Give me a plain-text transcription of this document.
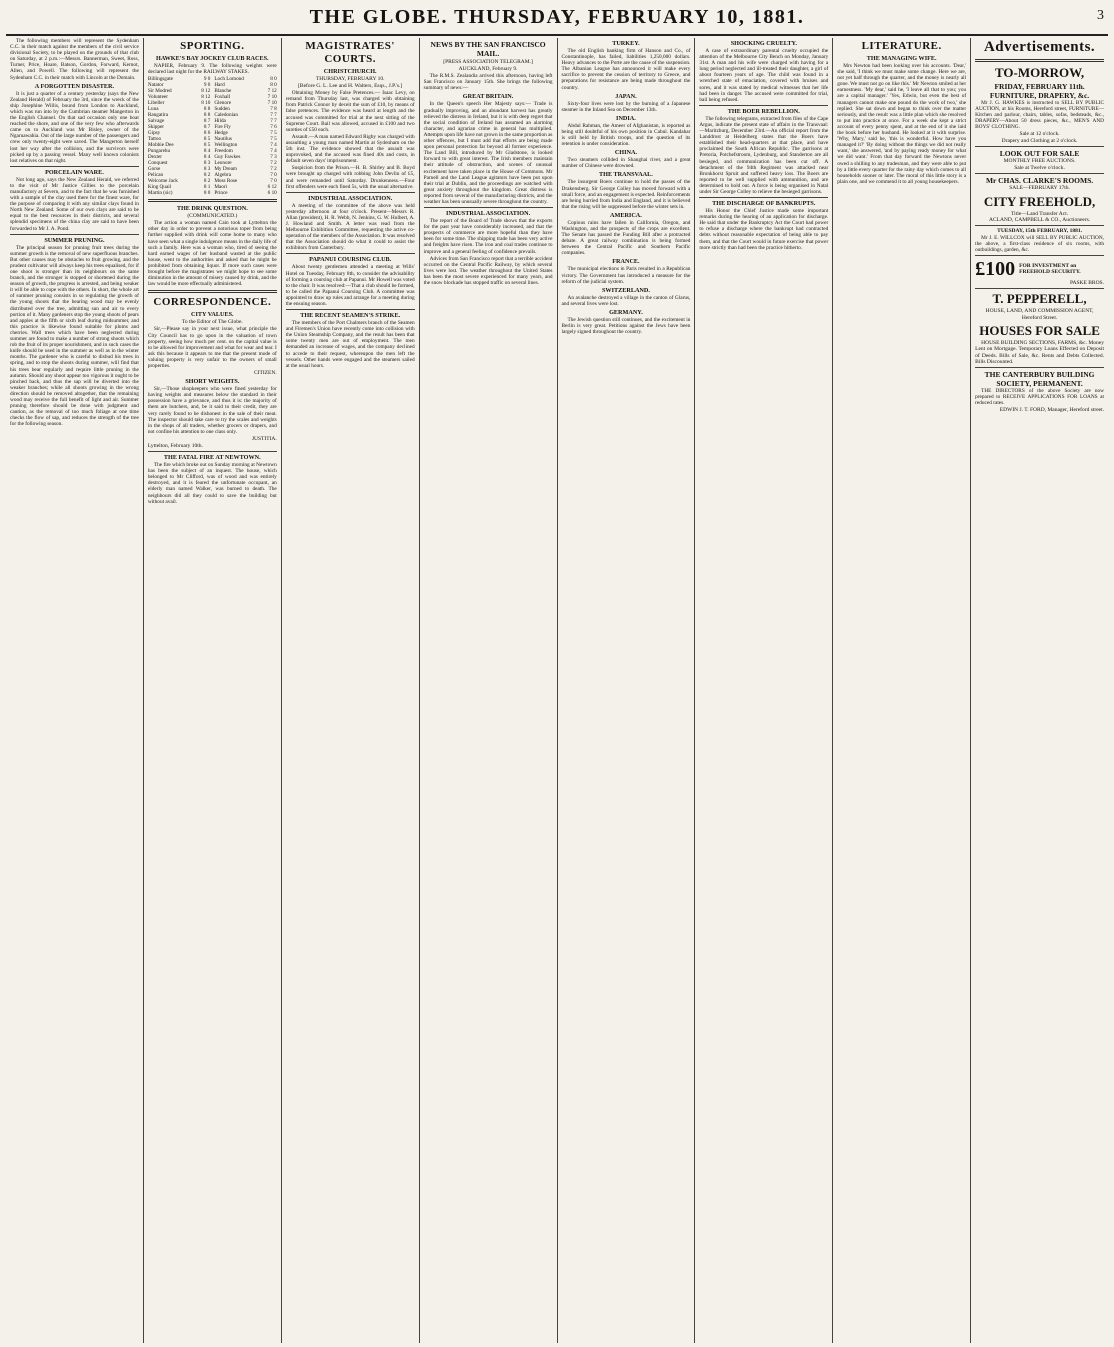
THE GLOBE. THURSDAY, FEBRUARY 10, 1881.	3

The following members will represent the Sydenham C.C. in their match against the members of the civil service divisional Society, to be played on the grounds of that club on Saturday, at 2 p.m.:—Messrs. Bannerman, Sweet, Ross, Turner, Price, Hoare, Batson, Gordon, Forward, Kernot, Allen, and Powell. The following will represent the Sydenham C.C. in their match with Lincoln at the Domain.

A FORGOTTEN DISASTER.

It is just a quarter of a century yesterday (says the New Zealand Herald) of February the 3rd, since the wreck of the ship Josephine Willis, bound from London to Auckland, which was run into by the Cumbrian steamer Mangerton in the English Channel. On that sad occasion only one boat reached the shore, and one of the very few who afterwards came on to Auckland was Mr Bisley, owner of the Ngaruawahia. Out of the large number of the passengers and crew only twenty-eight were saved. The Mangerton herself lost her way after the collision, and the survivors were picked up by a passing vessel. Many well known colonists lost relatives on that night.

PORCELAIN WARE.

Not long ago, says the New Zealand Herald, we referred to the visit of Mr Justice Gillies to the porcelain manufactory at Severn, and to the fact that he was furnished with a sample of the clay used there for the finest ware, for the purpose of comparing it with any similar clays found in North New Zealand. Some of our own clays are said to be equal to the best resources in their districts, and several splendid specimens of the china clay are said to have been forwarded to Mr J. A. Pond.

SUMMER PRUNING.

The principal season for pruning fruit trees during the summer growth is the removal of new superfluous branches. But other causes may be obstacles to fruit growing, and the prudent cultivator will always keep his trees equalised, for if one shoot is stronger than its neighbours on the same branch, and the stronger is stopped or shortened during the season of growth, the progress is arrested, and being weaker it will be able to cope with the others. In short, the whole art of summer pruning consists in so regulating the growth of the young shoots that the bearing wood may be evenly distributed over the tree, admitting sun and air to every portion of it. Many gardeners stop the young shoots of pears and apples at the fifth or sixth leaf during midsummer, and this practice is likewise found suitable for plums and cherries. Wall trees which have been neglected during summer are found to make a number of strong shoots which rob the fruit of its proper nourishment, and in such cases the knife should be used in the summer as well as in the winter months. The gardener who is careful to disbud his trees in spring, and to stop the shoots during summer, will find that his trees bear regularly and require little pruning in the autumn. Should any shoot appear too vigorous it ought to be pinched back, and thus the sap will be diverted into the weaker branches; while all shoots growing in the wrong direction should be removed altogether, that the remaining wood may receive the full benefit of light and air. Summer pruning therefore should be done with judgment and caution, as the removal of too much foliage at one time checks the flow of sap, and reduces the strength of the tree for the following season.

SPORTING.
HAWKE'S BAY JOCKEY CLUB RACES.

NAPIER, February 9. The following weights were declared last night for the RAILWAY STAKES.

Billingsgate	9 0 Loch Lomond	8 0
Natator	9 0 Hard	8 0
Sir Modred	8 12 Blanche	7 12
Volunteer	8 12 Foxhall	7 10
Libeller	8 10 Glenore	7 10
Luna	8 8 Sudden	7 8
Rangatira	8 8 Caledonian	7 7
Salvage	8 7 Hilda	7 7
Skipper	8 7 Fire Fly	7 6
Gipsy	8 6 Hedge	7 5
Tattoo	8 5 Nautilus	7 5
Mobbie Dee	8 5 Wellington	7 4
Pungarehu	8 4 Freedom	7 4
Dexter	8 4 Guy Fawkes	7 3
Conquest	8 3 Leonore	7 2
Gorse	8 3 My Dream	7 2
Pelican	8 2 Algebra	7 0
Welcome Jack	8 2 Moss Rose	7 0
King Quail	8 1 Maori	6 12
Martin (sic)	8 0 Prince	6 10
THE DRINK QUESTION.
(COMMUNICATED.)

The action a woman named Cain took at Lyttelton the other day in order to prevent a notorious toper from being further supplied with drink will come home to many who have seen what a single indulgence means in the daily life of such a family. Here was a woman who, tired of seeing the hard earned wages of her husband wasted at the public house, went to the authorities and asked that he might be prohibited from obtaining liquor. If more such cases were brought before the magistrates we might hope to see some diminution in the amount of misery caused by drink, and the law would be more effectually administered.

CORRESPONDENCE.
CITY VALUES.
To the Editor of The Globe.

Sir,—Please say in your next issue, what principle the City Council has to go upon in the valuation of town property, seeing how much per cent. on the capital value is to be allowed for improvement and what for wear and tear. I ask this because it appears to me that the present mode of valuing property is very unfair to the owners of small properties.

CITIZEN.
SHORT WEIGHTS.

Sir,—Those shopkeepers who were fined yesterday for having weights and measures below the standard in their possession have a grievance, and thus it is: the majority of them are butchers, and, be it said to their credit, they are very rarely found to be dishonest in the sale of their meat. The inspector should take care to try the scales and weights in the shops of all traders, whether grocers or drapers, and not confine his attention to one class only.

JUSTITIA.
Lyttelton, February 10th.
THE FATAL FIRE AT NEWTOWN.

The fire which broke out on Sunday morning at Newtown has been the subject of an inquest. The house, which belonged to Mr Clifford, was of wood and was entirely destroyed, and it is feared the unfortunate occupant, an elderly man named Walker, was burned to death. The neighbours did all they could to save the building but without avail.

MAGISTRATES' COURTS.
CHRISTCHURCH.
THURSDAY, FEBRUARY 10.
[Before G. L. Lee and H. Walters, Esqs., J.P.'s.]

Obtaining Money by False Pretences.— Isaac Levy, on remand from Thursday last, was charged with obtaining from Patrick Connor by deceit the sum of £10, by means of false pretences. The evidence was heard at length and the accused was committed for trial at the next sitting of the Supreme Court. Bail was allowed, accused in £100 and two sureties of £50 each.

Assault.—A man named Edward Rigby was charged with assaulting a young man named Martin at Sydenham on the 5th inst. The evidence showed that the assault was unprovoked, and the accused was fined 40s and costs, in default seven days' imprisonment.

Suspicion from the Prison.—H. B. Shirley and B. Boyd were brought up charged with robbing John Devlin of £5, and were remanded until Saturday. Drunkenness.—Four first offenders were each fined 5s, with the usual alternative.

INDUSTRIAL ASSOCIATION.

A meeting of the committee of the above was held yesterday afternoon at four o'clock. Present—Messrs R. Allan (president), H. R. Webb, N. Jenkins, G. W. Hulbert, A. J. Howland and Smith. A letter was read from the Melbourne Exhibition Committee, requesting the active co-operation of the members of the Association. It was resolved that the Association should do what it could to assist the exhibitors from Canterbury.

PAPANUI COURSING CLUB.

About twenty gentlemen attended a meeting at Wills' Hotel on Tuesday, February 8th, to consider the advisability of forming a coursing club at Papanui. Mr Howell was voted to the chair. It was resolved:—That a club should be formed, to be called the Papanui Coursing Club. A committee was appointed to draw up rules and arrange for a meeting during the ensuing season.

THE RECENT SEAMEN'S STRIKE.

The members of the Port Chalmers branch of the Seamen and Firemen's Union have recently come into collision with the Union Steamship Company, and the result has been that some twenty men are out of employment. The men demanded an increase of wages, and the company declined to accede to their request, whereupon the men left the vessels. Other hands were engaged and the steamers sailed at the usual hours.

NEWS BY THE SAN FRANCISCO MAIL.
[PRESS ASSOCIATION TELEGRAM.]
AUCKLAND, February 9.

The R.M.S. Zealandia arrived this afternoon, having left San Francisco on January 15th. She brings the following summary of news:—

GREAT BRITAIN.

In the Queen's speech Her Majesty says:— Trade is gradually improving, and an abundant harvest has greatly relieved the distress in Ireland, but it is with deep regret that the social condition of Ireland has assumed an alarming character, and agrarian crime in general has multiplied. Attempts upon life have not grown in the same proportion as other offences, but I must add that efforts are being made upon personal protection far beyond all former experience. The Land Bill, introduced by Mr Gladstone, is looked forward to with great interest. The Irish members maintain their attitude of obstruction, and scenes of unusual excitement have taken place in the House of Commons. Mr Parnell and the Land League agitators have been put upon their trial at Dublin, and the proceedings are watched with great anxiety throughout the kingdom. Great distress is reported from several of the manufacturing districts, and the weather has been unusually severe throughout the country.

INDUSTRIAL ASSOCIATION.

The report of the Board of Trade shows that the exports for the past year have considerably increased, and that the prospects of commerce are more hopeful than they have been for some time. The shipping trade has been very active and freights have risen. The iron and coal trades continue to improve and a general feeling of confidence prevails.

Advices from San Francisco report that a terrible accident occurred on the Central Pacific Railway, by which several lives were lost. The weather throughout the United States has been the most severe experienced for many years, and the snow blockade has stopped traffic on several lines.

TURKEY.

The old English banking firm of Hanson and Co., of Constantinople, has failed, liabilities 1,250,000 dollars. Heavy advances to the Porte are the cause of the suspension. The Albanian League has announced it will make every sacrifice to prevent the cession of territory to Greece, and preparations for resistance are being made throughout the country.

JAPAN.

Sixty-four lives were lost by the burning of a Japanese steamer in the Inland Sea on December 13th.

INDIA.

Abdul Rahman, the Ameer of Afghanistan, is reported as being still doubtful of his own position in Cabul. Kandahar is still held by British troops, and the question of its retention is under consideration.

CHINA.

Two steamers collided in Shanghai river, and a great number of Chinese were drowned.

THE TRANSVAAL.

The insurgent Boers continue to hold the passes of the Drakensberg. Sir George Colley has moved forward with a small force, and an engagement is expected. Reinforcements are being hurried from India and England, and it is believed that the rising will be suppressed before the winter sets in.

AMERICA.

Copious rains have fallen in California, Oregon, and Washington, and the prospects of the crops are excellent. The Senate has passed the Funding Bill after a protracted debate. A great railway combination is being formed between the Central Pacific and Southern Pacific companies.

FRANCE.

The municipal elections in Paris resulted in a Republican victory. The Government has introduced a measure for the reform of the judicial system.

SWITZERLAND.

An avalanche destroyed a village in the canton of Glarus, and several lives were lost.

GERMANY.

The Jewish question still continues, and the excitement in Berlin is very great. Petitions against the Jews have been largely signed throughout the country.

SHOCKING CRUELTY.

A case of extraordinary parental cruelty occupied the attention of the Melbourne City Bench on Monday, January 31st. A man and his wife were charged with having for a long period neglected and ill-treated their daughter, a girl of about fourteen years of age. The child was found in a wretched state of emaciation, covered with bruises and sores, and it was stated by medical witnesses that her life had been in danger. The accused were committed for trial, bail being refused.

THE BOER REBELLION.

The following telegrams, extracted from files of the Cape Argus, indicate the present state of affairs in the Transvaal:—Maritzburg, December 23rd.—An official report from the Landdrost at Heidelberg states that the Boers have established their head-quarters at that place, and have proclaimed the South African Republic. The garrisons at Pretoria, Potchefstroom, Lydenburg, and Standerton are all besieged, and communication has been cut off. A detachment of the 94th Regiment was attacked near Bronkhorst Spruit and suffered heavy loss. The Boers are reported to be well supplied with ammunition, and are determined to hold out. A force is being organised in Natal under Sir George Colley to relieve the besieged garrisons.

THE DISCHARGE OF BANKRUPTS.

His Honor the Chief Justice made some important remarks during the hearing of an application for discharge. He said that under the Bankruptcy Act the Court had power to refuse a discharge where the bankrupt had contracted debts without reasonable expectation of being able to pay them, and that the Court would in future exercise that power more strictly than had been the practice hitherto.

LITERATURE.
THE MANAGING WIFE.

Mrs Newton had been looking over his accounts. 'Dear,' she said, 'I think we must make some change. Here we are, not yet half through the quarter, and the money is nearly all gone. We must not go on like this.' Mr Newton smiled at her earnestness. 'My dear,' said he, 'I leave all that to you; you are a capital manager.' 'Yes, Edwin, but even the best of managers cannot make one pound do the work of two,' she replied. She sat down and began to think over the matter seriously, and the result was a little plan which she resolved to put into practice at once. For a week she kept a strict account of every penny spent, and at the end of it she laid the book before her husband. He looked at it with surprise. 'Why, Mary,' said he, 'this is wonderful. How have you managed it?' 'By doing without the things we did not really want,' she answered, 'and by paying ready money for what we did want.' From that day forward the Newtons never owed a shilling to any tradesman, and they were able to put by a little every quarter for the rainy day which comes to all households sooner or later. The moral of this little story is a plain one, and we commend it to all young housekeepers.

Advertisements.
TO-MORROW,
FRIDAY, FEBRUARY 11th.
FURNITURE, DRAPERY, &c.

Mr J. G. HAWKES is instructed to SELL BY PUBLIC AUCTION, at his Rooms, Hereford street, FURNITURE—Kitchen and parlour, chairs, tables, sofas, bedsteads, &c., DRAPERY—About 50 dress pieces, &c., MEN'S AND BOYS' CLOTHING.

Sale at 12 o'clock.
Drapery and Clothing at 2 o'clock.
LOOK OUT FOR SALE
MONTHLY FREE AUCTIONS.
Sale at Twelve o'clock.
Mr CHAS. CLARKE'S ROOMS.
SALE—FEBRUARY 17th.
CITY FREEHOLD,
Title—Land Transfer Act.
ACLAND, CAMPBELL & CO., Auctioneers.
TUESDAY, 15th FEBRUARY, 1881.

Mr J. E. WILLCOX will SELL BY PUBLIC AUCTION, the above, a first-class residence of six rooms, with outbuildings, garden, &c.

£100 FOR INVESTMENT on FREEHOLD SECURITY.
PASKE BROS.
T. PEPPERELL,
HOUSE, LAND, AND COMMISSION AGENT, Hereford Street.
HOUSES FOR SALE

HOUSE BUILDING SECTIONS, FARMS, &c. Money Lent on Mortgage. Temporary Loans Effected on Deposit of Deeds. Bills of Sale, &c. Rents and Debts Collected. Bills Discounted.

THE CANTERBURY BUILDING SOCIETY, PERMANENT.

THE DIRECTORS of the above Society are now prepared to RECEIVE APPLICATIONS FOR LOANS at reduced rates.

EDWIN J. T. FORD, Manager, Hereford street.
